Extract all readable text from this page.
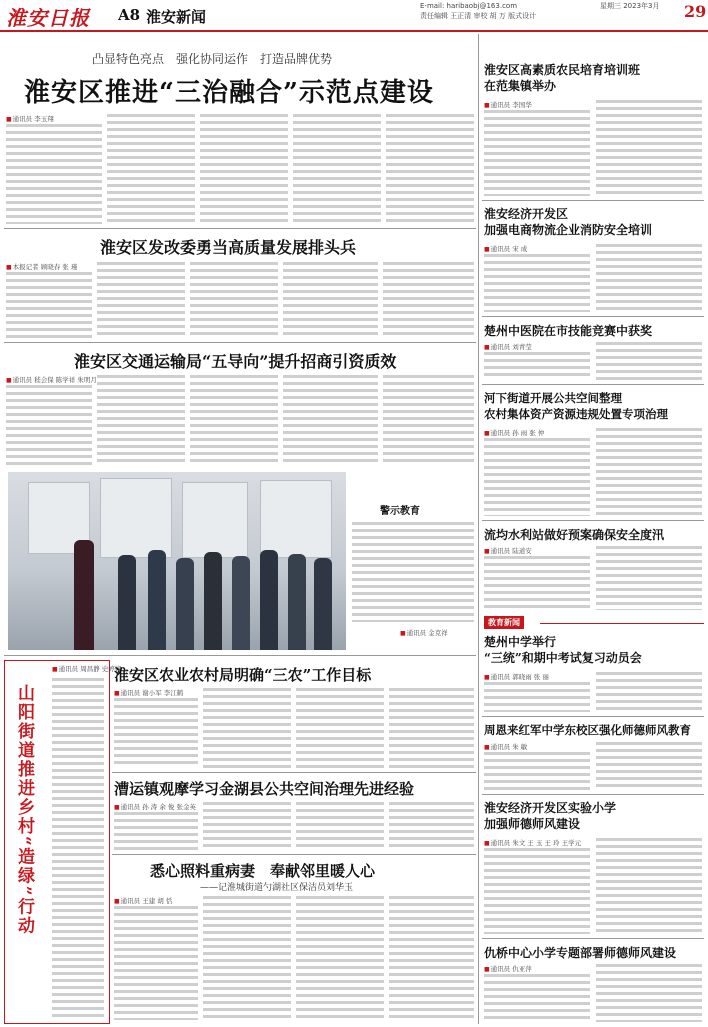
淮安日报 A8 淮安新闻
E-mail: haribaobj@163.com	星期三 2023年3月
责任编辑 王正清 审校 胡 万 版式设计	29
凸显特色亮点　强化协同运作　打造品牌优势
淮安区推进“三治融合”示范点建设
■ 通讯员 李玉翔
淮安区发改委勇当高质量发展排头兵
■ 本报记者 顾晓春 张 瑾
淮安区交通运输局“五导向”提升招商引资质效
■ 通讯员 嵇会保 陈学祥 朱明月
警示教育
■ 通讯员 金克祥
■ 通讯员 周昌静 史婷婷
山阳街道推进乡村“造绿”行动
淮安区农业农村局明确“三农”工作目标
■ 通讯员 谢小军 李江鹤
漕运镇观摩学习金湖县公共空间治理先进经验
■ 通讯员 孙 涛 余 俊 张金英
悉心照料重病妻　奉献邻里暖人心
——记淮城街道勺湖社区保洁员刘华玉
■ 通讯员 王建 胡 恬
淮安区高素质农民培育培训班
在范集镇举办
■ 通讯员 李国华
淮安经济开发区
加强电商物流企业消防安全培训
■ 通讯员 宋 成
楚州中医院在市技能竞赛中获奖
■ 通讯员 刘青莹
河下街道开展公共空间整理
农村集体资产资源违规处置专项治理
■ 通讯员 孙 雨 张 仲
流均水利站做好预案确保安全度汛
■ 通讯员 陆道安
教育新闻
楚州中学举行
“三统”和期中考试复习动员会
■ 通讯员 郭晓雨 张 丽
周恩来红军中学东校区强化师德师风教育
■ 通讯员 朱 敏
淮安经济开发区实验小学
加强师德师风建设
■ 通讯员 朱文 王 玉 王 玲 王学元
仇桥中心小学专题部署师德师风建设
■ 通讯员 仇亚萍
